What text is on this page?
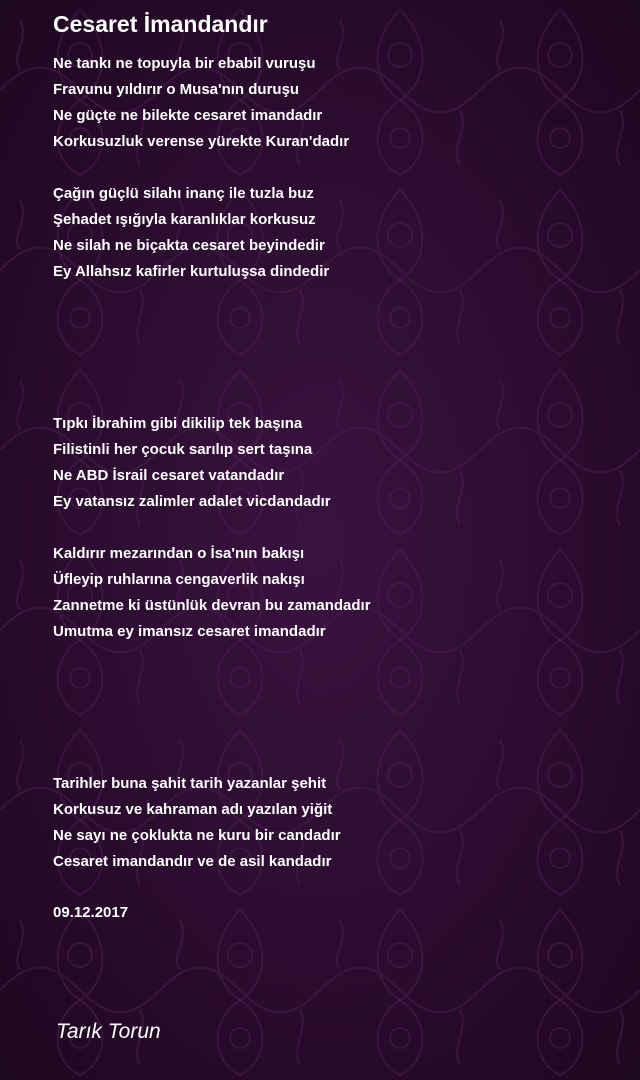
Cesaret İmandandır
Ne tankı ne topuyla bir ebabil vuruşu
Fravunu yıldırır o Musa'nın duruşu
Ne güçte ne bilekte cesaret imandadır
Korkusuzluk verense yürekte Kuran'dadır
Çağın güçlü silahı inanç ile tuzla buz
Şehadet ışığıyla karanlıklar korkusuz
Ne silah ne biçakta cesaret beyindedir
Ey Allahsız kafirler kurtuluşsa dindedir
Tıpkı İbrahim gibi dikilip tek başına
Filistinli her çocuk sarılıp sert taşına
Ne ABD İsrail cesaret vatandadır
Ey vatansız zalimler adalet vicdandadır
Kaldırır mezarından o İsa'nın bakışı
Üfleyip ruhlarına cengaverlik nakışı
Zannetme ki üstünlük devran bu zamandadır
Umutma ey imansız cesaret imandadır
Tarihler buna şahit tarih yazanlar şehit
Korkusuz ve kahraman adı yazılan yiğit
Ne sayı ne çoklukta ne kuru bir candadır
Cesaret imandandır ve de asil kandadır
09.12.2017
Tarık Torun
